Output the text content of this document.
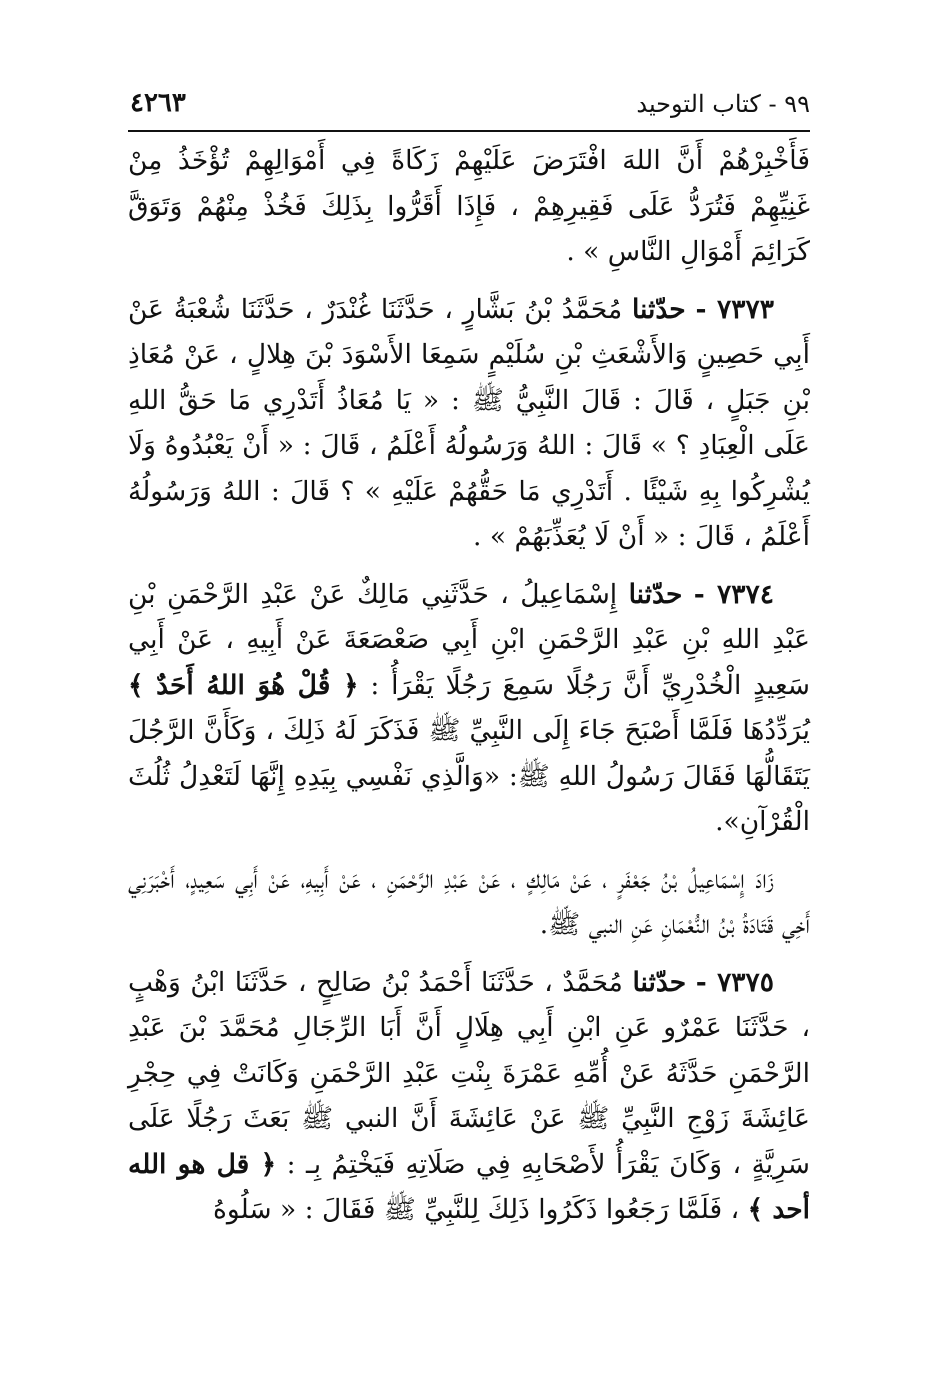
٩٩ - كتاب التوحيد
٤٢٦٣

فَأَخْبِرْهُمْ أَنَّ اللهَ افْتَرَضَ عَلَيْهِمْ زَكَاةً فِي أَمْوَالِهِمْ تُؤْخَذُ مِنْ غَنِيِّهِمْ فَتُرَدُّ عَلَى فَقِيرِهِمْ ، فَإِذَا أَقَرُّوا بِذَلِكَ فَخُذْ مِنْهُمْ وَتَوَقَّ كَرَائِمَ أَمْوَالِ النَّاسِ » .

٧٣٧٣ - حدّثنا مُحَمَّدُ بْنُ بَشَّارٍ ، حَدَّثَنَا غُنْدَرٌ ، حَدَّثَنَا شُعْبَةُ عَنْ أَبِي حَصِينٍ وَالأَشْعَثِ بْنِ سُلَيْمٍ سَمِعَا الأَسْوَدَ بْنَ هِلالٍ ، عَنْ مُعَاذِ بْنِ جَبَلٍ ، قَالَ : قَالَ النَّبِيُّ ﷺ : « يَا مُعَاذُ أَتَدْرِي مَا حَقُّ اللهِ عَلَى الْعِبَادِ ؟ » قَالَ : اللهُ وَرَسُولُهُ أَعْلَمُ ، قَالَ : « أَنْ يَعْبُدُوهُ وَلَا يُشْرِكُوا بِهِ شَيْئًا . أَتَدْرِي مَا حَقُّهُمْ عَلَيْهِ » ؟ قَالَ : اللهُ وَرَسُولُهُ أَعْلَمُ ، قَالَ : « أَنْ لَا يُعَذِّبَهُمْ » .

٧٣٧٤ - حدّثنا إِسْمَاعِيلُ ، حَدَّثَنِي مَالِكٌ عَنْ عَبْدِ الرَّحْمَنِ بْنِ عَبْدِ اللهِ بْنِ عَبْدِ الرَّحْمَنِ ابْنِ أَبِي صَعْصَعَةَ عَنْ أَبِيهِ ، عَنْ أَبِي سَعِيدٍ الْخُدْرِيِّ أَنَّ رَجُلًا سَمِعَ رَجُلًا يَقْرَأُ : ﴿ قُلْ هُوَ اللهُ أَحَدٌ ﴾ يُرَدِّدُهَا فَلَمَّا أَصْبَحَ جَاءَ إِلَى النَّبِيِّ ﷺ فَذَكَرَ لَهُ ذَلِكَ ، وَكَأَنَّ الرَّجُلَ يَتَقَالُّهَا فَقَالَ رَسُولُ اللهِ ﷺ: «وَالَّذِي نَفْسِي بِيَدِهِ إِنَّهَا لَتَعْدِلُ ثُلُثَ الْقُرْآنِ».

زَادَ إِسْمَاعِيلُ بْنُ جَعْفَرٍ ، عَنْ مَالِكٍ ، عَنْ عَبْدِ الرَّحْمَنِ ، عَنْ أَبِيهِ، عَنْ أَبِي سَعِيدٍ، أَخْبَرَنِي أَخِي قَتَادَةُ بْنُ النُّعْمَانِ عَنِ النبي ﷺ.

٧٣٧٥ - حدّثنا مُحَمَّدٌ ، حَدَّثَنَا أَحْمَدُ بْنُ صَالِحٍ ، حَدَّثَنَا ابْنُ وَهْبٍ ، حَدَّثَنَا عَمْرٌو عَنِ ابْنِ أَبِي هِلَالٍ أَنَّ أَبَا الرِّجَالِ مُحَمَّدَ بْنَ عَبْدِ الرَّحْمَنِ حَدَّثَهُ عَنْ أُمِّهِ عَمْرَةَ بِنْتِ عَبْدِ الرَّحْمَنِ وَكَانَتْ فِي حِجْرِ عَائِشَةَ زَوْجِ النَّبِيِّ ﷺ عَنْ عَائِشَةَ أَنَّ النبي ﷺ بَعَثَ رَجُلًا عَلَى سَرِيَّةٍ ، وَكَانَ يَقْرَأُ لأَصْحَابِهِ فِي صَلَاتِهِ فَيَخْتِمُ بِـ : ﴿ قل هو الله أحد ﴾ ، فَلَمَّا رَجَعُوا ذَكَرُوا ذَلِكَ لِلنَّبِيِّ ﷺ فَقَالَ : « سَلُوهُ
